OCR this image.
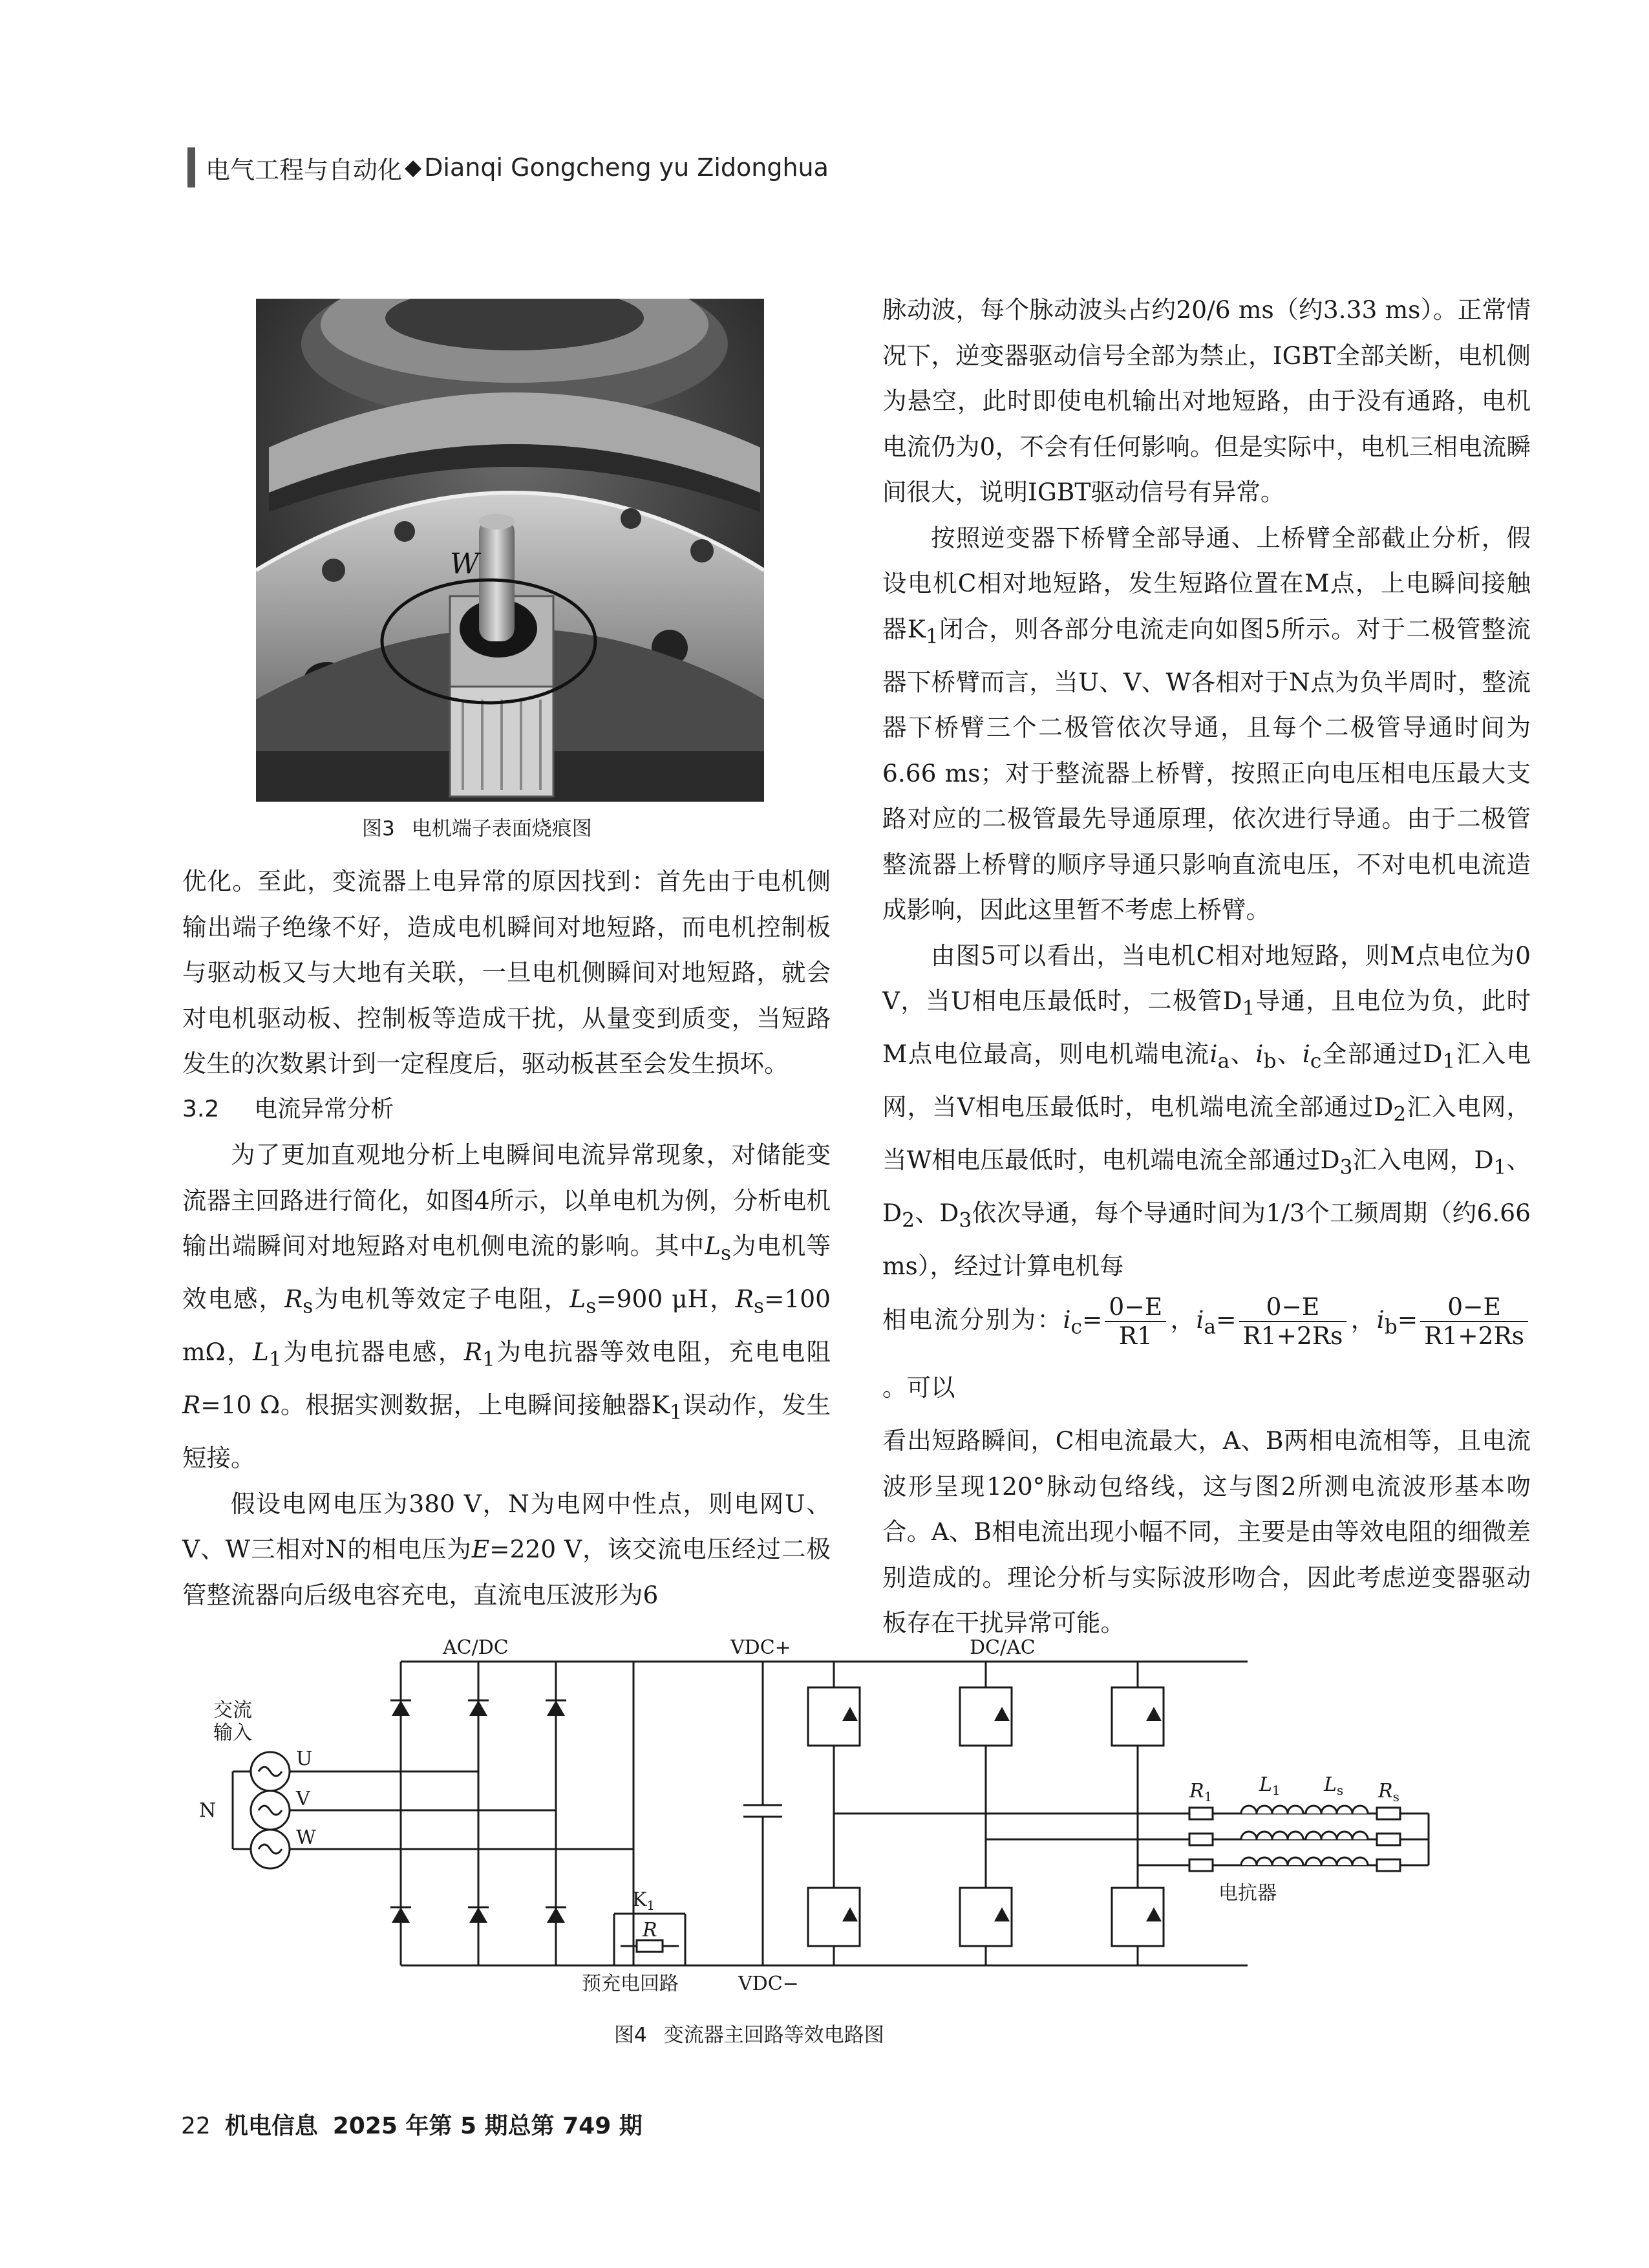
电气工程与自动化 ◆ Dianqi Gongcheng yu Zidonghua
W
图3 电机端子表面烧痕图

优化。至此，变流器上电异常的原因找到：首先由于电机侧输出端子绝缘不好，造成电机瞬间对地短路，而电机控制板与驱动板又与大地有关联，一旦电机侧瞬间对地短路，就会对电机驱动板、控制板等造成干扰，从量变到质变，当短路发生的次数累计到一定程度后，驱动板甚至会发生损坏。

3.2 电流异常分析

为了更加直观地分析上电瞬间电流异常现象，对储能变流器主回路进行简化，如图4所示，以单电机为例，分析电机输出端瞬间对地短路对电机侧电流的影响。其中$L_s$为电机等效电感，$R_s$为电机等效定子电阻，$L_s=900$ μH，$R_s=100$ mΩ，$L_1$为电抗器电感，$R_1$为电抗器等效电阻，充电电阻R=10 Ω。根据实测数据，上电瞬间接触器$K_1$误动作，发生短接。

假设电网电压为380 V，N为电网中性点，则电网U、V、W三相对N的相电压为E=220 V，该交流电压经过二极管整流器向后级电容充电，直流电压波形为6

脉动波，每个脉动波头占约20/6 ms（约3.33 ms）。正常情况下，逆变器驱动信号全部为禁止，IGBT全部关断，电机侧为悬空，此时即使电机输出对地短路，由于没有通路，电机电流仍为0，不会有任何影响。但是实际中，电机三相电流瞬间很大，说明IGBT驱动信号有异常。

按照逆变器下桥臂全部导通、上桥臂全部截止分析，假设电机C相对地短路，发生短路位置在M点，上电瞬间接触器$K_1$闭合，则各部分电流走向如图5所示。对于二极管整流器下桥臂而言，当U、V、W各相对于N点为负半周时，整流器下桥臂三个二极管依次导通，且每个二极管导通时间为6.66 ms；对于整流器上桥臂，按照正向电压相电压最大支路对应的二极管最先导通原理，依次进行导通。由于二极管整流器上桥臂的顺序导通只影响直流电压，不对电机电流造成影响，因此这里暂不考虑上桥臂。

由图5可以看出，当电机C相对地短路，则M点电位为0 V，当U相电压最低时，二极管$D_1$导通，且电位为负，此时M点电位最高，则电机端电流$i_a$、$i_b$、$i_c$全部通过$D_1$汇入电网，当V相电压最低时，电机端电流全部通过$D_2$汇入电网，当W相电压最低时，电机端电流全部通过$D_3$汇入电网，$D_1$、$D_2$、$D_3$依次导通，每个导通时间为1/3个工频周期（约6.66 ms），经过计算电机每

相电流分别为：$i_c= \frac{0-E}{R1}$ ，$i_a= \frac{0-E}{R1+2Rs}$ ，$i_b= \frac{0-E}{R1+2Rs}$
。可以

看出短路瞬间，C相电流最大，A、B两相电流相等，且电流波形呈现120°脉动包络线，这与图2所测电流波形基本吻合。A、B相电流出现小幅不同，主要是由等效电阻的细微差别造成的。理论分析与实际波形吻合，因此考虑逆变器驱动板存在干扰异常可能。

AC/DC	VDC+	DC/AC
交流
输入
N
U
V
W
$K_1$
R
预充电回路	VDC−
$R_1$
$L_1$ $L_s$ $R_s$
电抗器
图4 变流器主回路等效电路图
22 机电信息 2025 年第 5 期总第 749 期
